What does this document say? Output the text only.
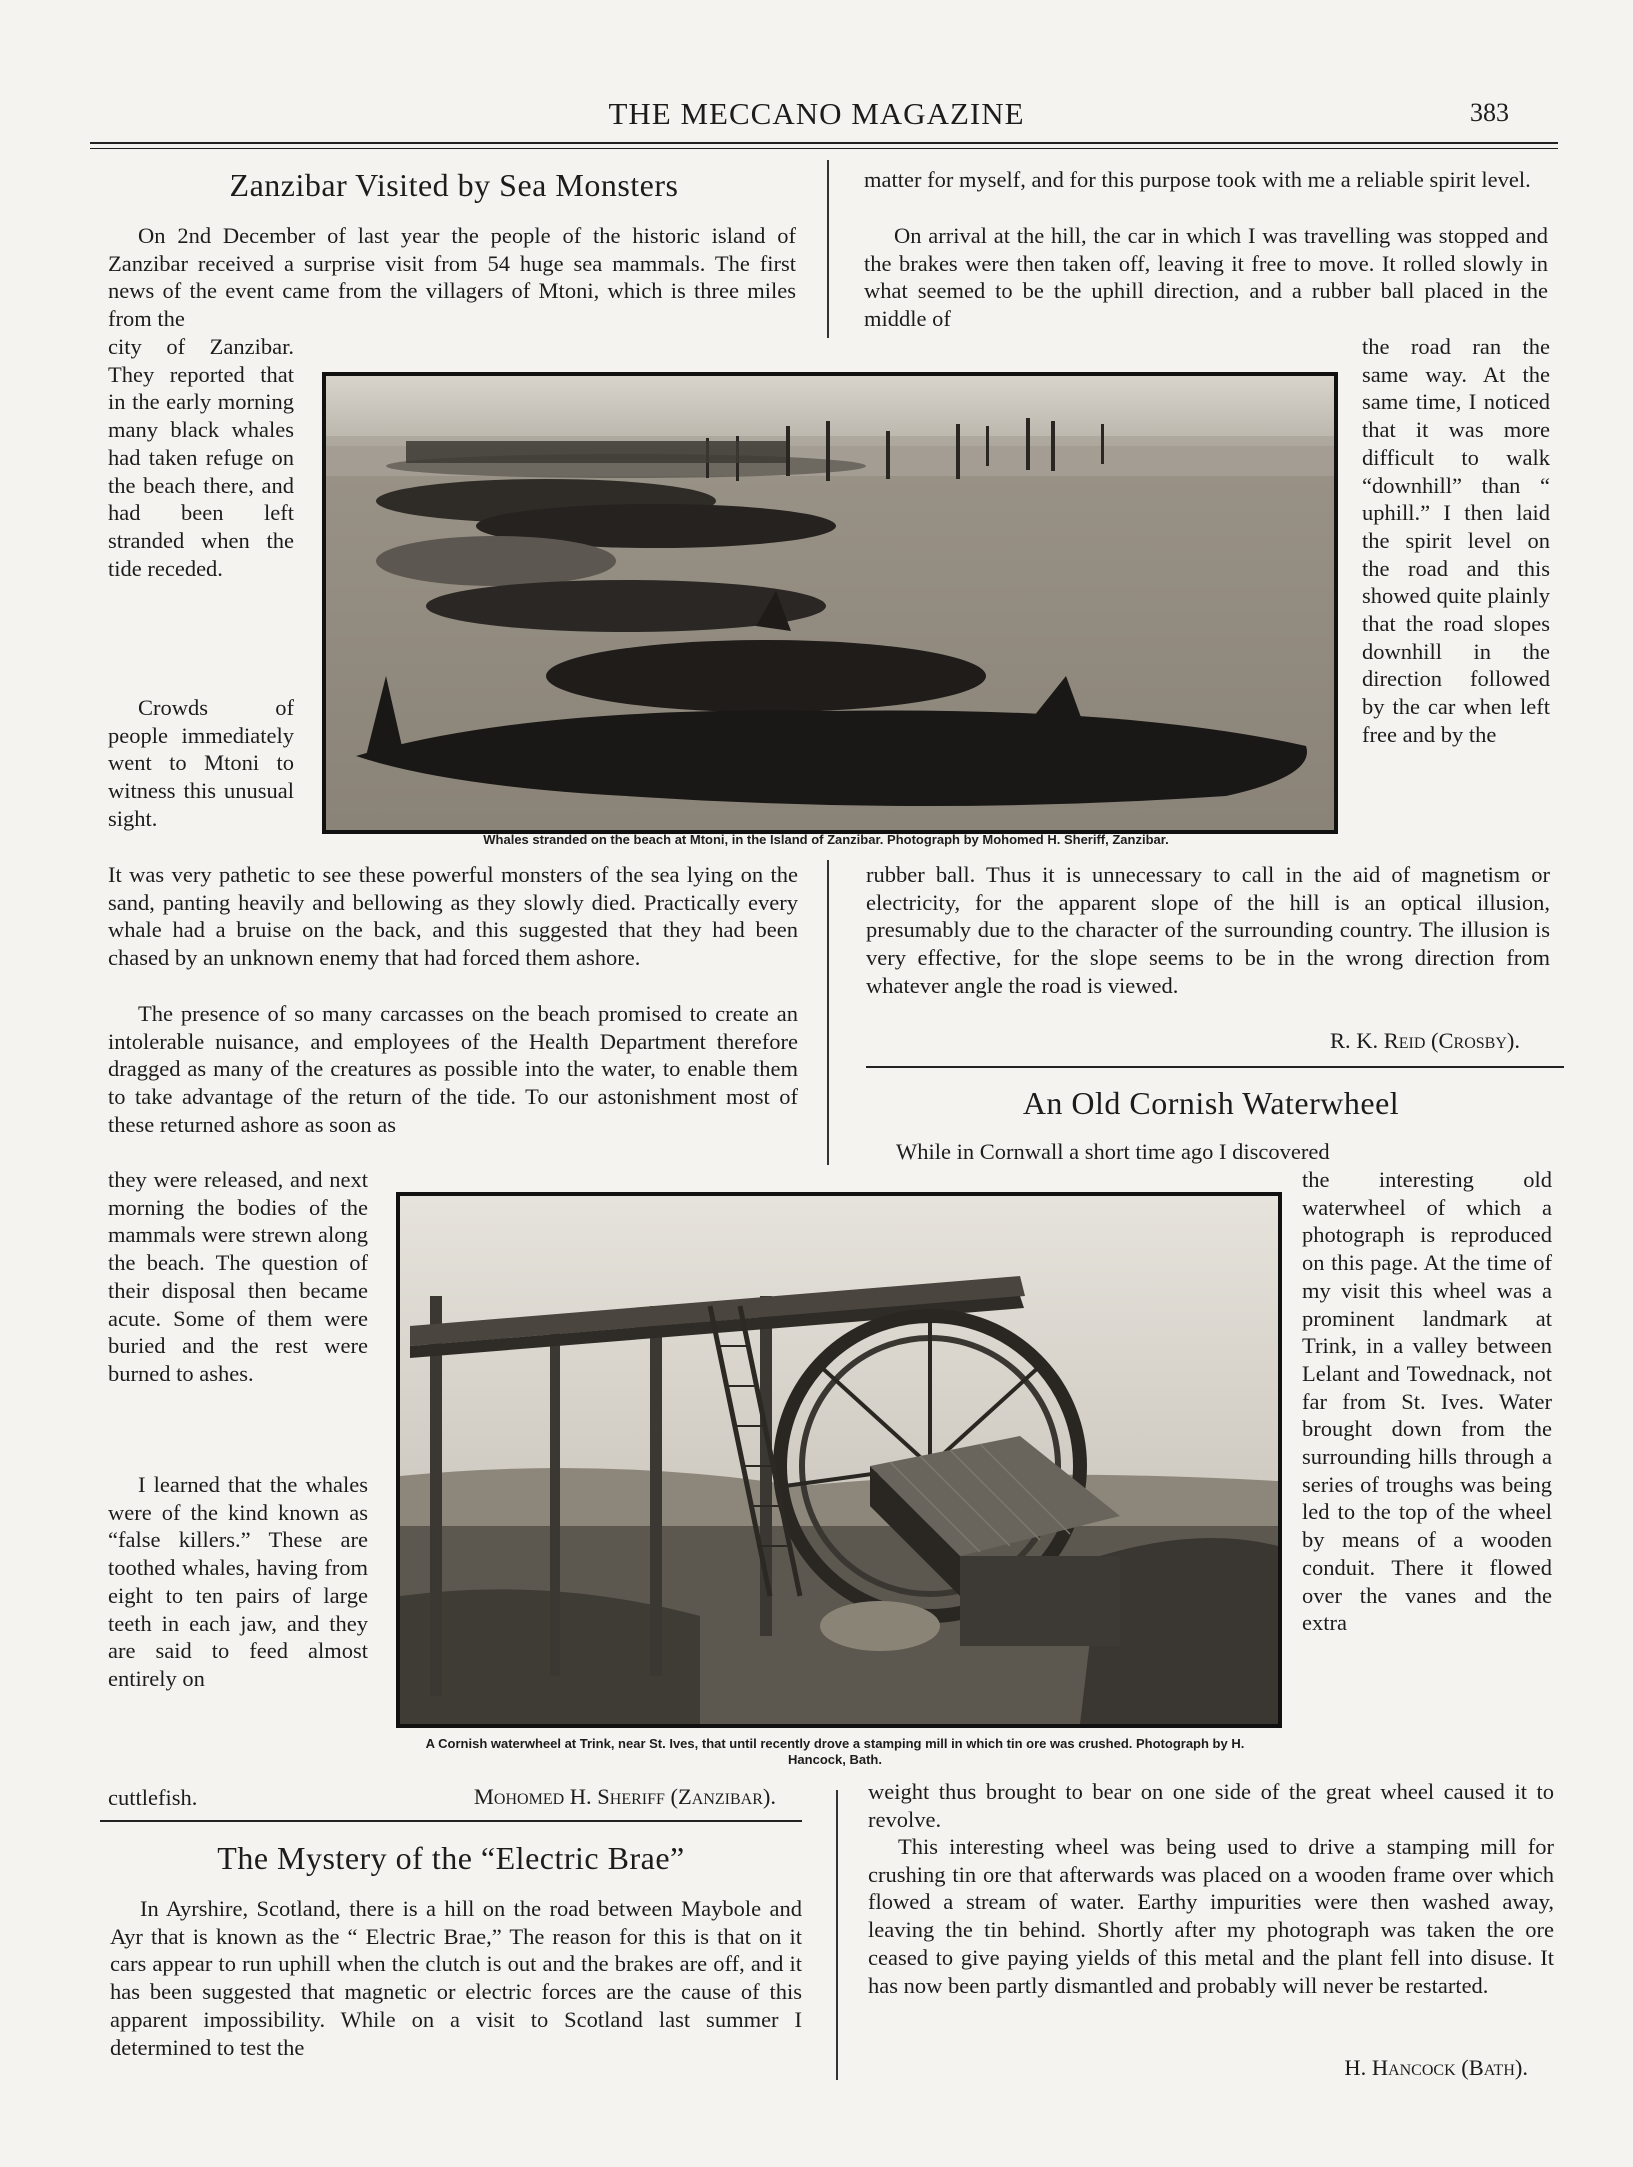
THE MECCANO MAGAZINE	383
Zanzibar Visited by Sea Monsters
On 2nd December of last year the people of the historic island of Zanzibar received a surprise visit from 54 huge sea mammals. The first news of the event came from the villagers of Mtoni, which is three miles from the
city of Zanzibar. They reported that in the early morning many black whales had taken refuge on the beach there, and had been left stranded when the tide receded.
Crowds of people immediately went to Mtoni to witness this unusual sight.
It was very pathetic to see these powerful monsters of the sea lying on the sand, panting heavily and bellowing as they slowly died. Practically every whale had a bruise on the back, and this suggested that they had been chased by an unknown enemy that had forced them ashore.
The presence of so many carcasses on the beach promised to create an intolerable nuisance, and employees of the Health Department therefore dragged as many of the creatures as possible into the water, to enable them to take advantage of the return of the tide. To our astonishment most of these returned ashore as soon as
they were released, and next morning the bodies of the mammals were strewn along the beach. The question of their disposal then became acute. Some of them were buried and the rest were burned to ashes.
I learned that the whales were of the kind known as “false killers.” These are toothed whales, having from eight to ten pairs of large teeth in each jaw, and they are said to feed almost entirely on
cuttlefish.	Mohomed H. Sheriff (Zanzibar).
Whales stranded on the beach at Mtoni, in the Island of Zanzibar. Photograph by Mohomed H. Sheriff, Zanzibar.
The Mystery of the “Electric Brae”
In Ayrshire, Scotland, there is a hill on the road between Maybole and Ayr that is known as the “ Electric Brae,” The reason for this is that on it cars appear to run uphill when the clutch is out and the brakes are off, and it has been suggested that magnetic or electric forces are the cause of this apparent impossibility. While on a visit to Scotland last summer I determined to test the
matter for myself, and for this purpose took with me a reliable spirit level.
On arrival at the hill, the car in which I was travelling was stopped and the brakes were then taken off, leaving it free to move. It rolled slowly in what seemed to be the uphill direction, and a rubber ball placed in the middle of
the road ran the same way. At the same time, I noticed that it was more difficult to walk “downhill” than “ uphill.” I then laid the spirit level on the road and this showed quite plainly that the road slopes downhill in the direction followed by the car when left free and by the
rubber ball. Thus it is unnecessary to call in the aid of magnetism or electricity, for the apparent slope of the hill is an optical illusion, presumably due to the character of the surrounding country. The illusion is very effective, for the slope seems to be in the wrong direction from whatever angle the road is viewed.
R. K. Reid (Crosby).
An Old Cornish Waterwheel
While in Cornwall a short time ago I discovered
the interesting old waterwheel of which a photograph is reproduced on this page. At the time of my visit this wheel was a prominent landmark at Trink, in a valley between Lelant and Towednack, not far from St. Ives. Water brought down from the surrounding hills through a series of troughs was being led to the top of the wheel by means of a wooden conduit. There it flowed over the vanes and the extra
weight thus brought to bear on one side of the great wheel caused it to revolve.
This interesting wheel was being used to drive a stamping mill for crushing tin ore that afterwards was placed on a wooden frame over which flowed a stream of water. Earthy impurities were then washed away, leaving the tin behind. Shortly after my photograph was taken the ore ceased to give paying yields of this metal and the plant fell into disuse. It has now been partly dismantled and probably will never be restarted.
H. Hancock (Bath).
A Cornish waterwheel at Trink, near St. Ives, that until recently drove a stamping mill in which tin ore was crushed. Photograph by H. Hancock, Bath.
